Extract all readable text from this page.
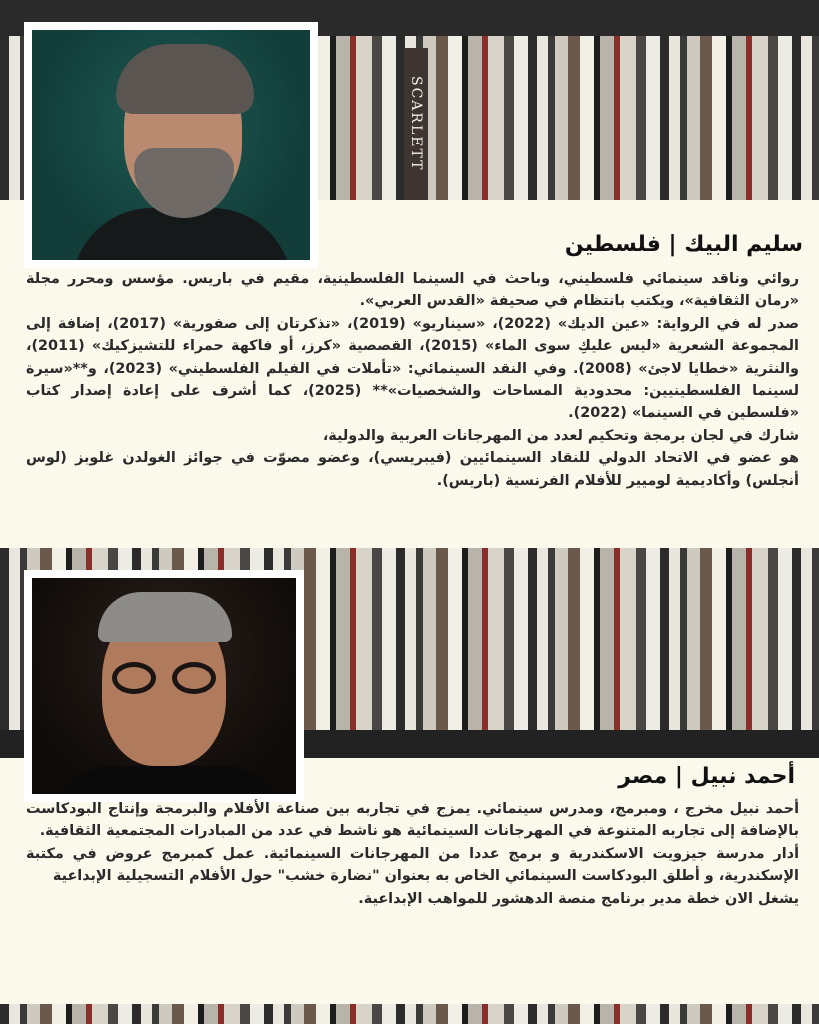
SCARLETT
سليم البيك | فلسطين

روائي وناقد سينمائي فلسطيني، وباحث في السينما الفلسطينية، مقيم في باريس. مؤسس ومحرر مجلة «رمان الثقافية»، ويكتب بانتظام في صحيفة «القدس العربي».

صدر له في الرواية: «عين الديك» (2022)، «سيناريو» (2019)، «تذكرتان إلى صفورية» (2017)، إضافة إلى المجموعة الشعرية «ليس عليكِ سوى الماء» (2015)، القصصية «كرز، أو فاكهة حمراء للتشيزكيك» (2011)، والنثرية «خطايا لاجئ» (2008). وفي النقد السينمائي: «تأملات في الفيلم الفلسطيني» (2023)، و**«سيرة لسينما الفلسطينيين: محدودية المساحات والشخصيات»** (2025)، كما أشرف على إعادة إصدار كتاب «فلسطين في السينما» (2022).

شارك في لجان برمجة وتحكيم لعدد من المهرجانات العربية والدولية،

هو عضو في الاتحاد الدولي للنقاد السينمائيين (فيبريسي)، وعضو مصوّت في جوائز الغولدن غلوبز (لوس أنجلس) وأكاديمية لوميير للأفلام الفرنسية (باريس).

أحمد نبيل | مصر

أحمد نبيل مخرج ، ومبرمج، ومدرس سينمائي. يمزج في تجاربه بين صناعة الأفلام والبرمجة وإنتاج البودكاست بالإضافة إلى تجاربه المتنوعة في المهرجانات السينمائية هو ناشط في عدد من المبادرات المجتمعية الثقافية.

أدار مدرسة جيزويت الاسكندرية و برمج عددا من المهرجانات السينمائية. عمل كمبرمج عروض في مكتبة الإسكندرية، و أطلق البودكاست السينمائي الخاص به بعنوان "نضارة خشب" حول الأفلام التسجيلية الإبداعية

يشغل الان خطة مدير برنامج منصة الدهشور للمواهب الإبداعية.
